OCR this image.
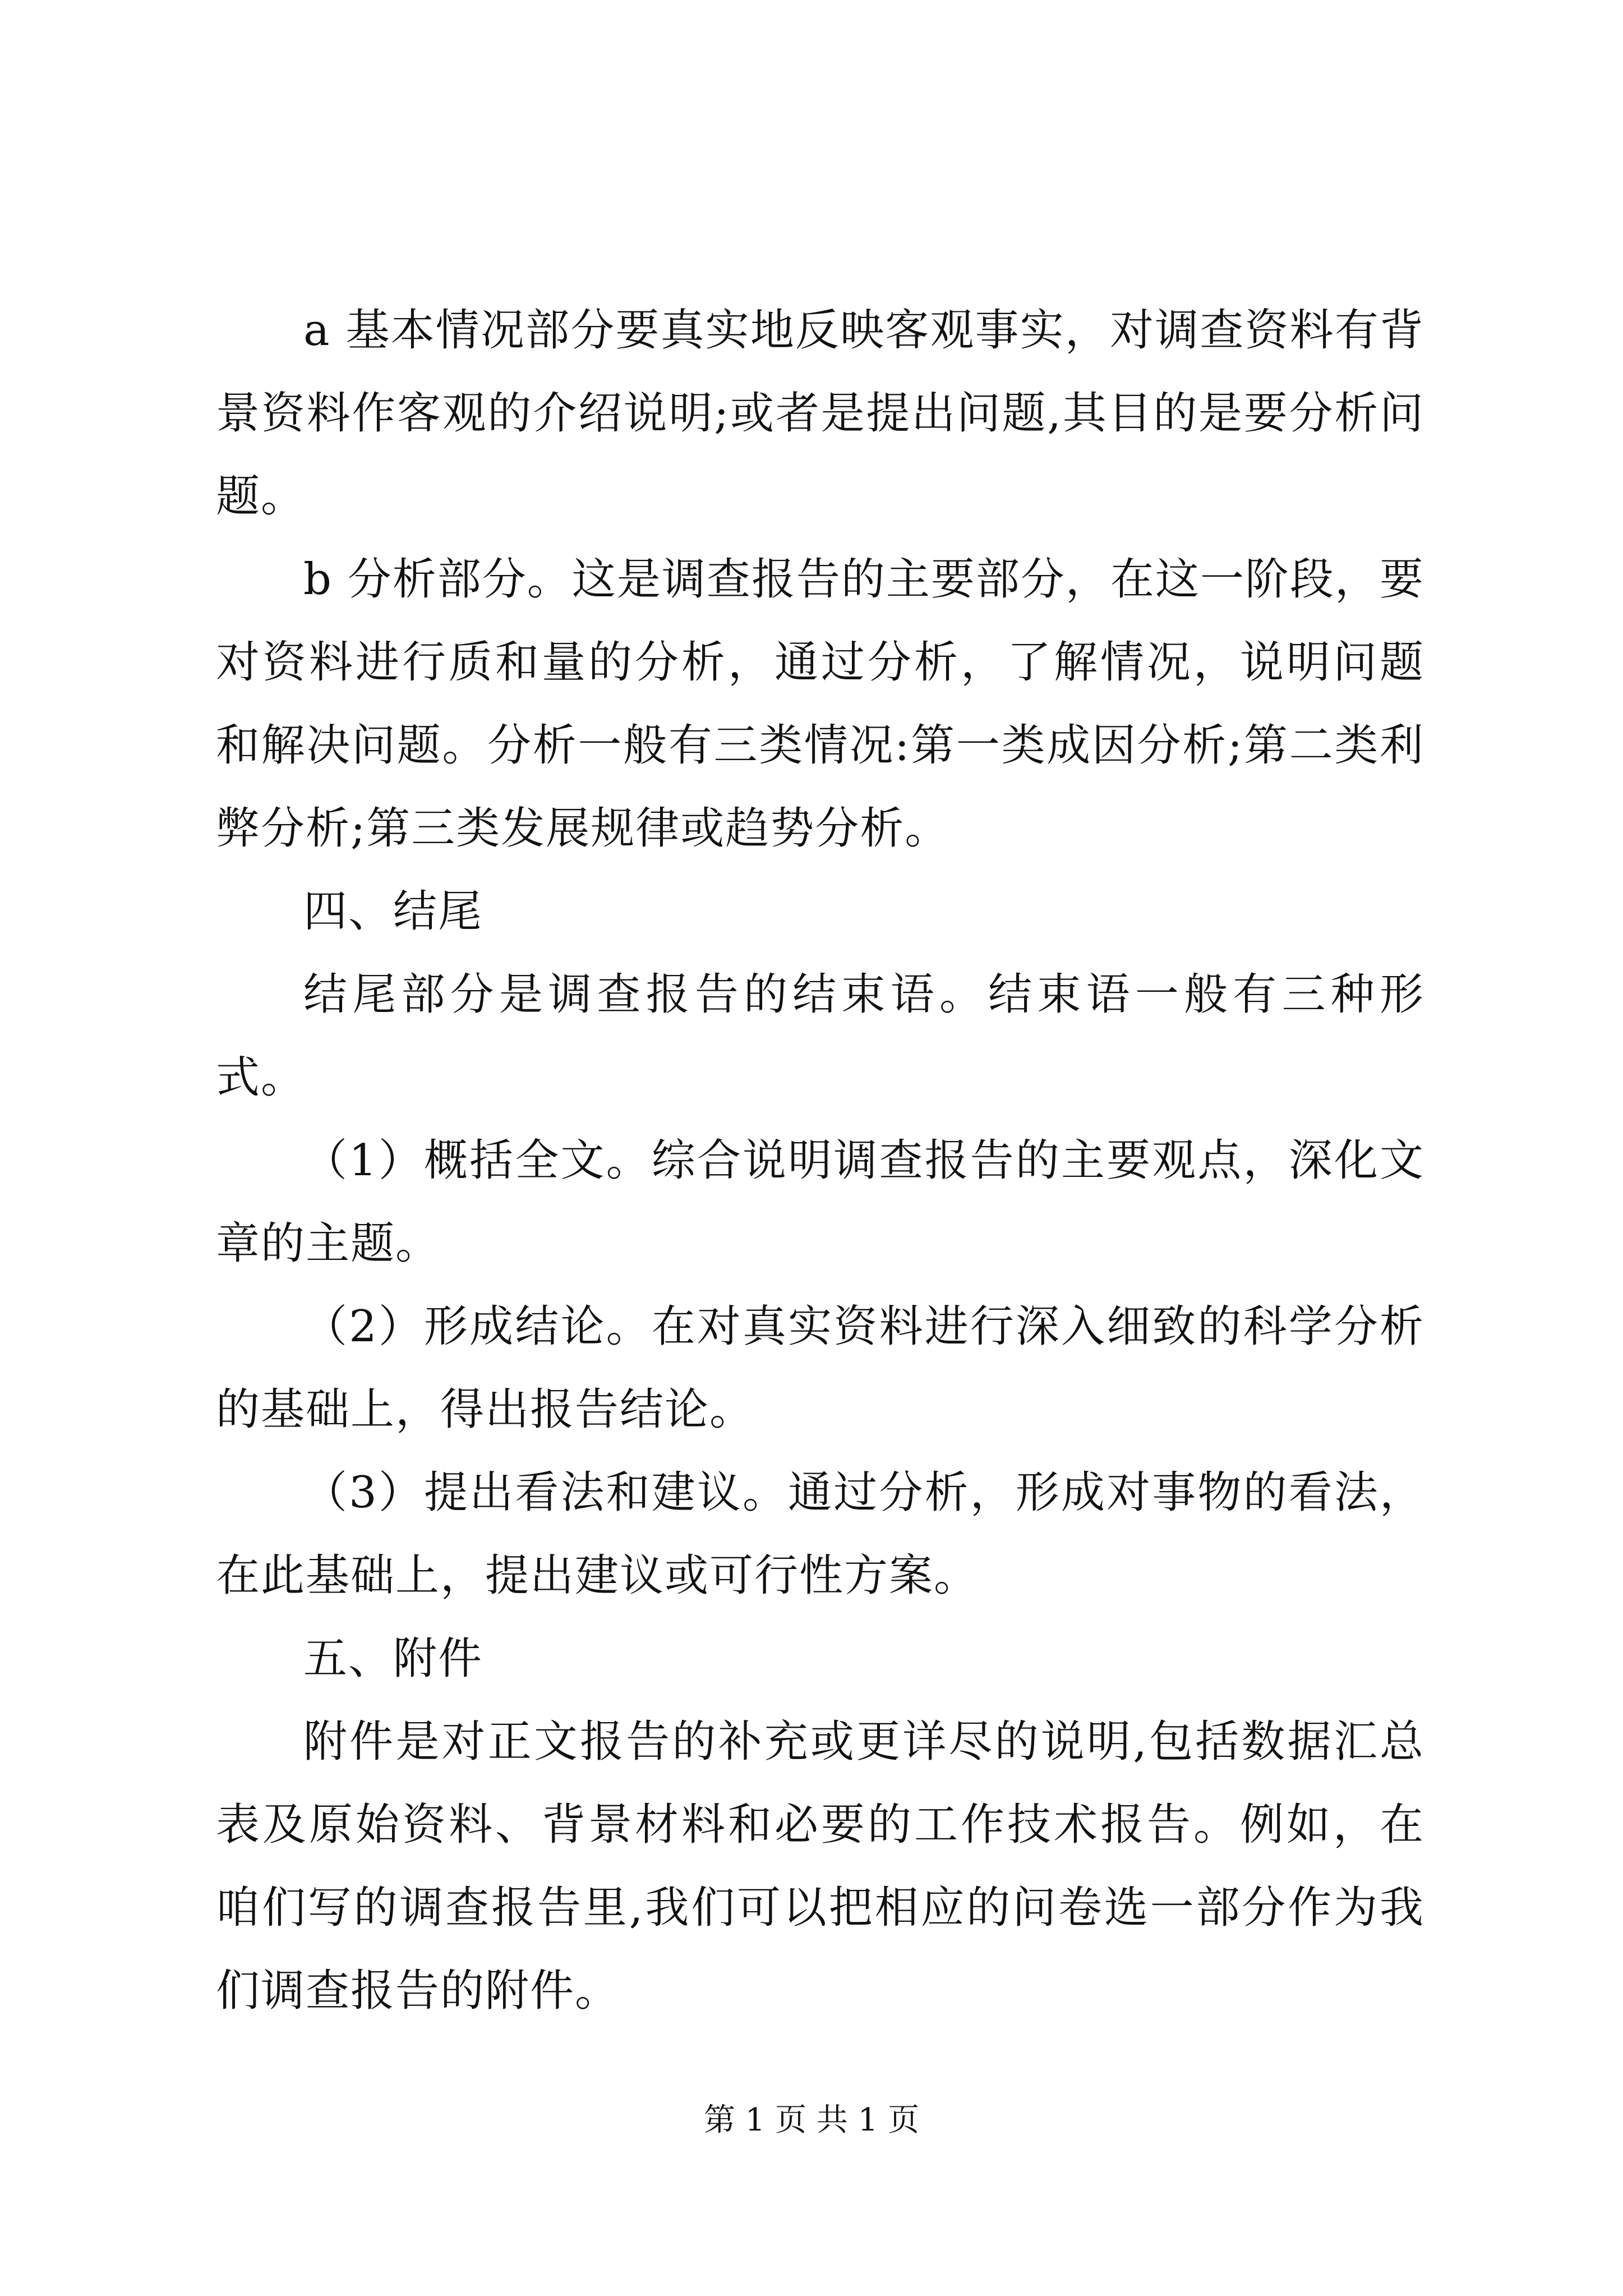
a 基本情况部分要真实地反映客观事实，对调查资料有背景资料作客观的介绍说明;或者是提出问题,其目的是要分析问题。

b 分析部分。这是调查报告的主要部分，在这一阶段，要对资料进行质和量的分析，通过分析，了解情况，说明问题和解决问题。分析一般有三类情况:第一类成因分析;第二类利弊分析;第三类发展规律或趋势分析。

四、结尾

结尾部分是调查报告的结束语。结束语一般有三种形式。

（1）概括全文。综合说明调查报告的主要观点，深化文章的主题。

（2）形成结论。在对真实资料进行深入细致的科学分析的基础上，得出报告结论。

（3）提出看法和建议。通过分析，形成对事物的看法，在此基础上，提出建议或可行性方案。

五、附件

附件是对正文报告的补充或更详尽的说明,包括数据汇总表及原始资料、背景材料和必要的工作技术报告。例如，在咱们写的调查报告里,我们可以把相应的问卷选一部分作为我们调查报告的附件。

第 1 页 共 1 页
